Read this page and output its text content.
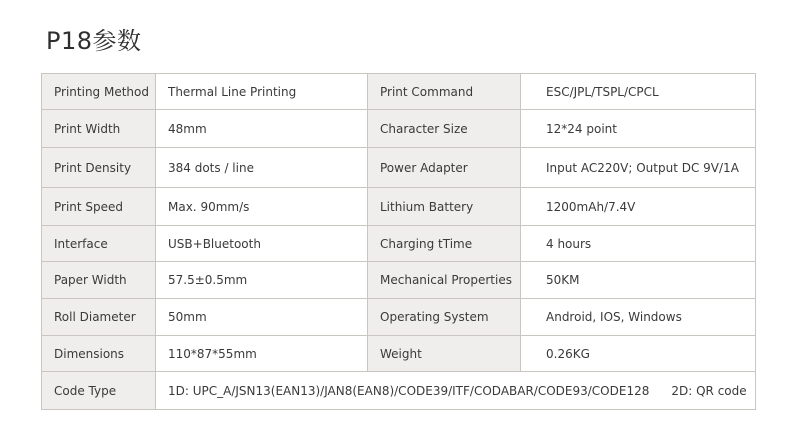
P18参数
Printing Method	Thermal Line Printing	Print Command	ESC/JPL/TSPL/CPCL
Print Width	48mm	Character Size	12*24 point
Print Density	384 dots / line	Power Adapter	Input AC220V; Output DC 9V/1A
Print Speed	Max. 90mm/s	Lithium Battery	1200mAh/7.4V
Interface	USB+Bluetooth	Charging tTime	4 hours
Paper Width	57.5±0.5mm	Mechanical Properties	50KM
Roll Diameter	50mm	Operating System	Android, IOS, Windows
Dimensions	110*87*55mm	Weight	0.26KG
Code Type	1D: UPC_A/JSN13(EAN13)/JAN8(EAN8)/CODE39/ITF/CODABAR/CODE93/CODE128 2D: QR code		
